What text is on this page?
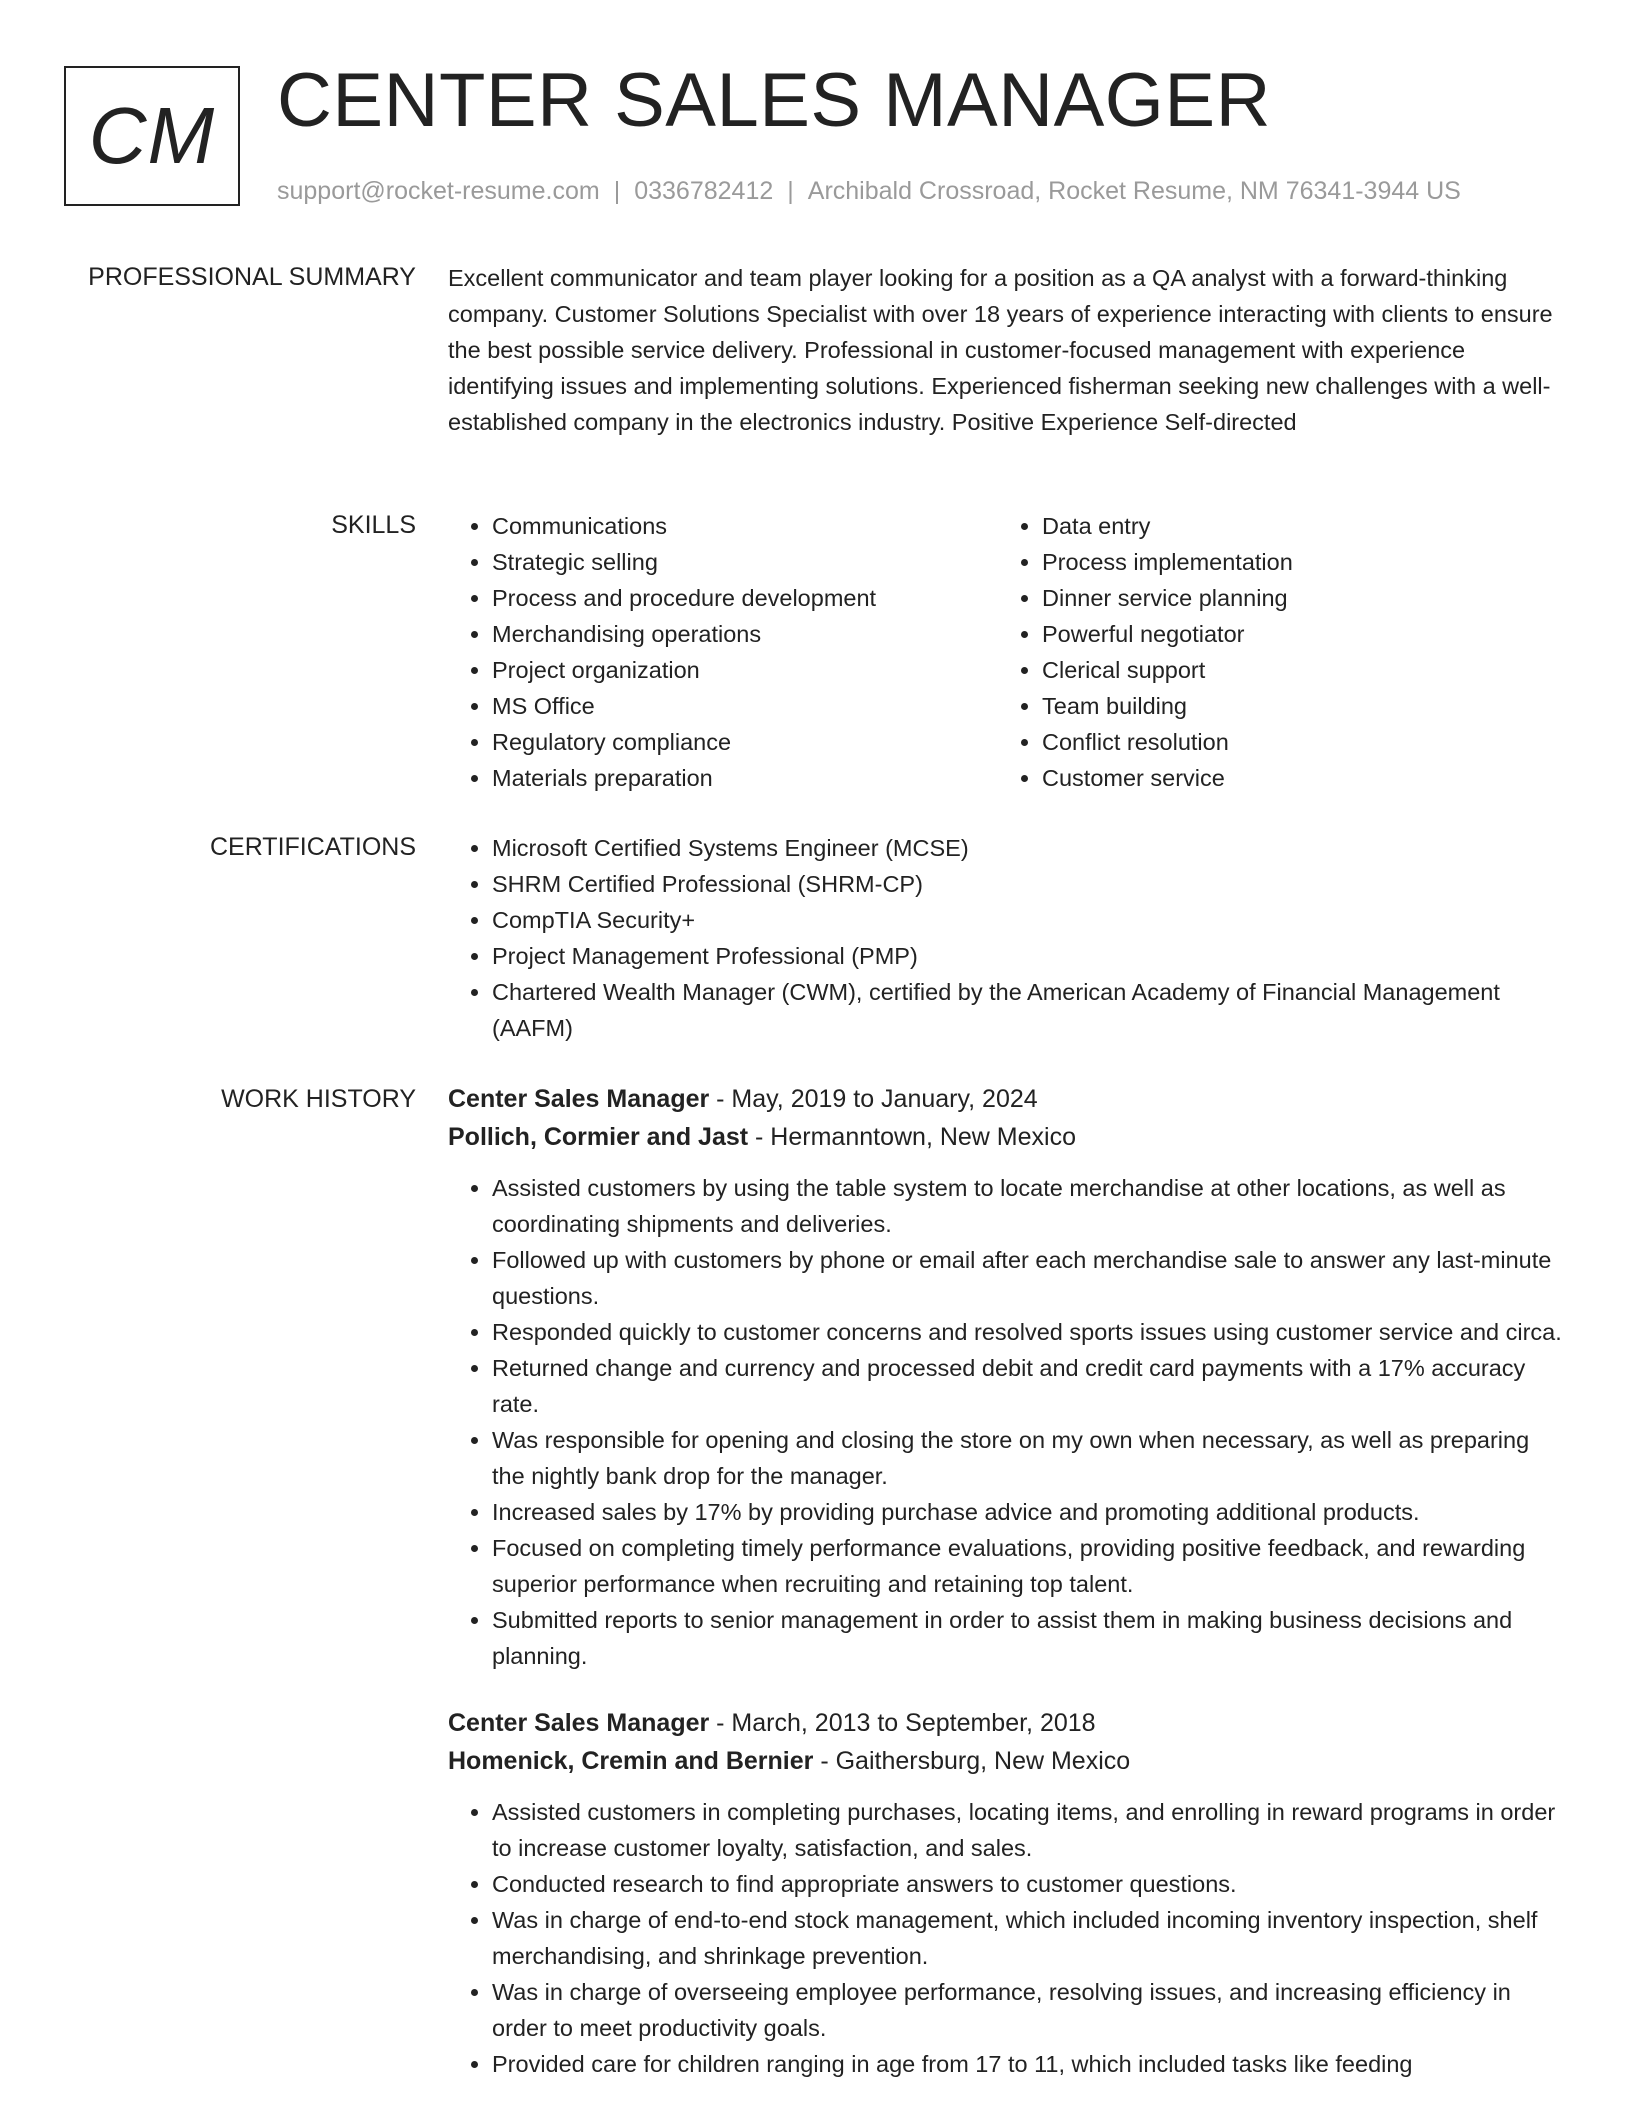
CM CENTER SALES MANAGER
support@rocket-resume.com | 0336782412 | Archibald Crossroad, Rocket Resume, NM 76341-3944 US
PROFESSIONAL SUMMARY Excellent communicator and team player looking for a position as a QA analyst with a forward-thinking company. Customer Solutions Specialist with over 18 years of experience interacting with clients to ensure the best possible service delivery. Professional in customer-focused management with experience identifying issues and implementing solutions. Experienced fisherman seeking new challenges with a well-established company in the electronics industry. Positive Experience Self-directed

SKILLS	• Communications
• Strategic selling
• Process and procedure development
• Merchandising operations
• Project organization
• MS Office
• Regulatory compliance
• Materials preparation
• Data entry
• Process implementation
• Dinner service planning
• Powerful negotiator
• Clerical support
• Team building
• Conflict resolution
• Customer service
CERTIFICATIONS	• Microsoft Certified Systems Engineer (MCSE)
• SHRM Certified Professional (SHRM-CP)
• CompTIA Security+
• Project Management Professional (PMP)
• Chartered Wealth Manager (CWM), certified by the American Academy of Financial Management (AAFM)
WORK HISTORY Center Sales Manager - May, 2019 to January, 2024
Pollich, Cormier and Jast - Hermanntown, New Mexico
• Assisted customers by using the table system to locate merchandise at other locations, as well as coordinating shipments and deliveries.
• Followed up with customers by phone or email after each merchandise sale to answer any last-minute questions.
• Responded quickly to customer concerns and resolved sports issues using customer service and circa.
• Returned change and currency and processed debit and credit card payments with a 17% accuracy rate.
• Was responsible for opening and closing the store on my own when necessary, as well as preparing the nightly bank drop for the manager.
• Increased sales by 17% by providing purchase advice and promoting additional products.
• Focused on completing timely performance evaluations, providing positive feedback, and rewarding superior performance when recruiting and retaining top talent.
• Submitted reports to senior management in order to assist them in making business decisions and planning.
Center Sales Manager - March, 2013 to September, 2018
Homenick, Cremin and Bernier - Gaithersburg, New Mexico
• Assisted customers in completing purchases, locating items, and enrolling in reward programs in order to increase customer loyalty, satisfaction, and sales.
• Conducted research to find appropriate answers to customer questions.
• Was in charge of end-to-end stock management, which included incoming inventory inspection, shelf merchandising, and shrinkage prevention.
• Was in charge of overseeing employee performance, resolving issues, and increasing efficiency in order to meet productivity goals.
• Provided care for children ranging in age from 17 to 11, which included tasks like feeding
